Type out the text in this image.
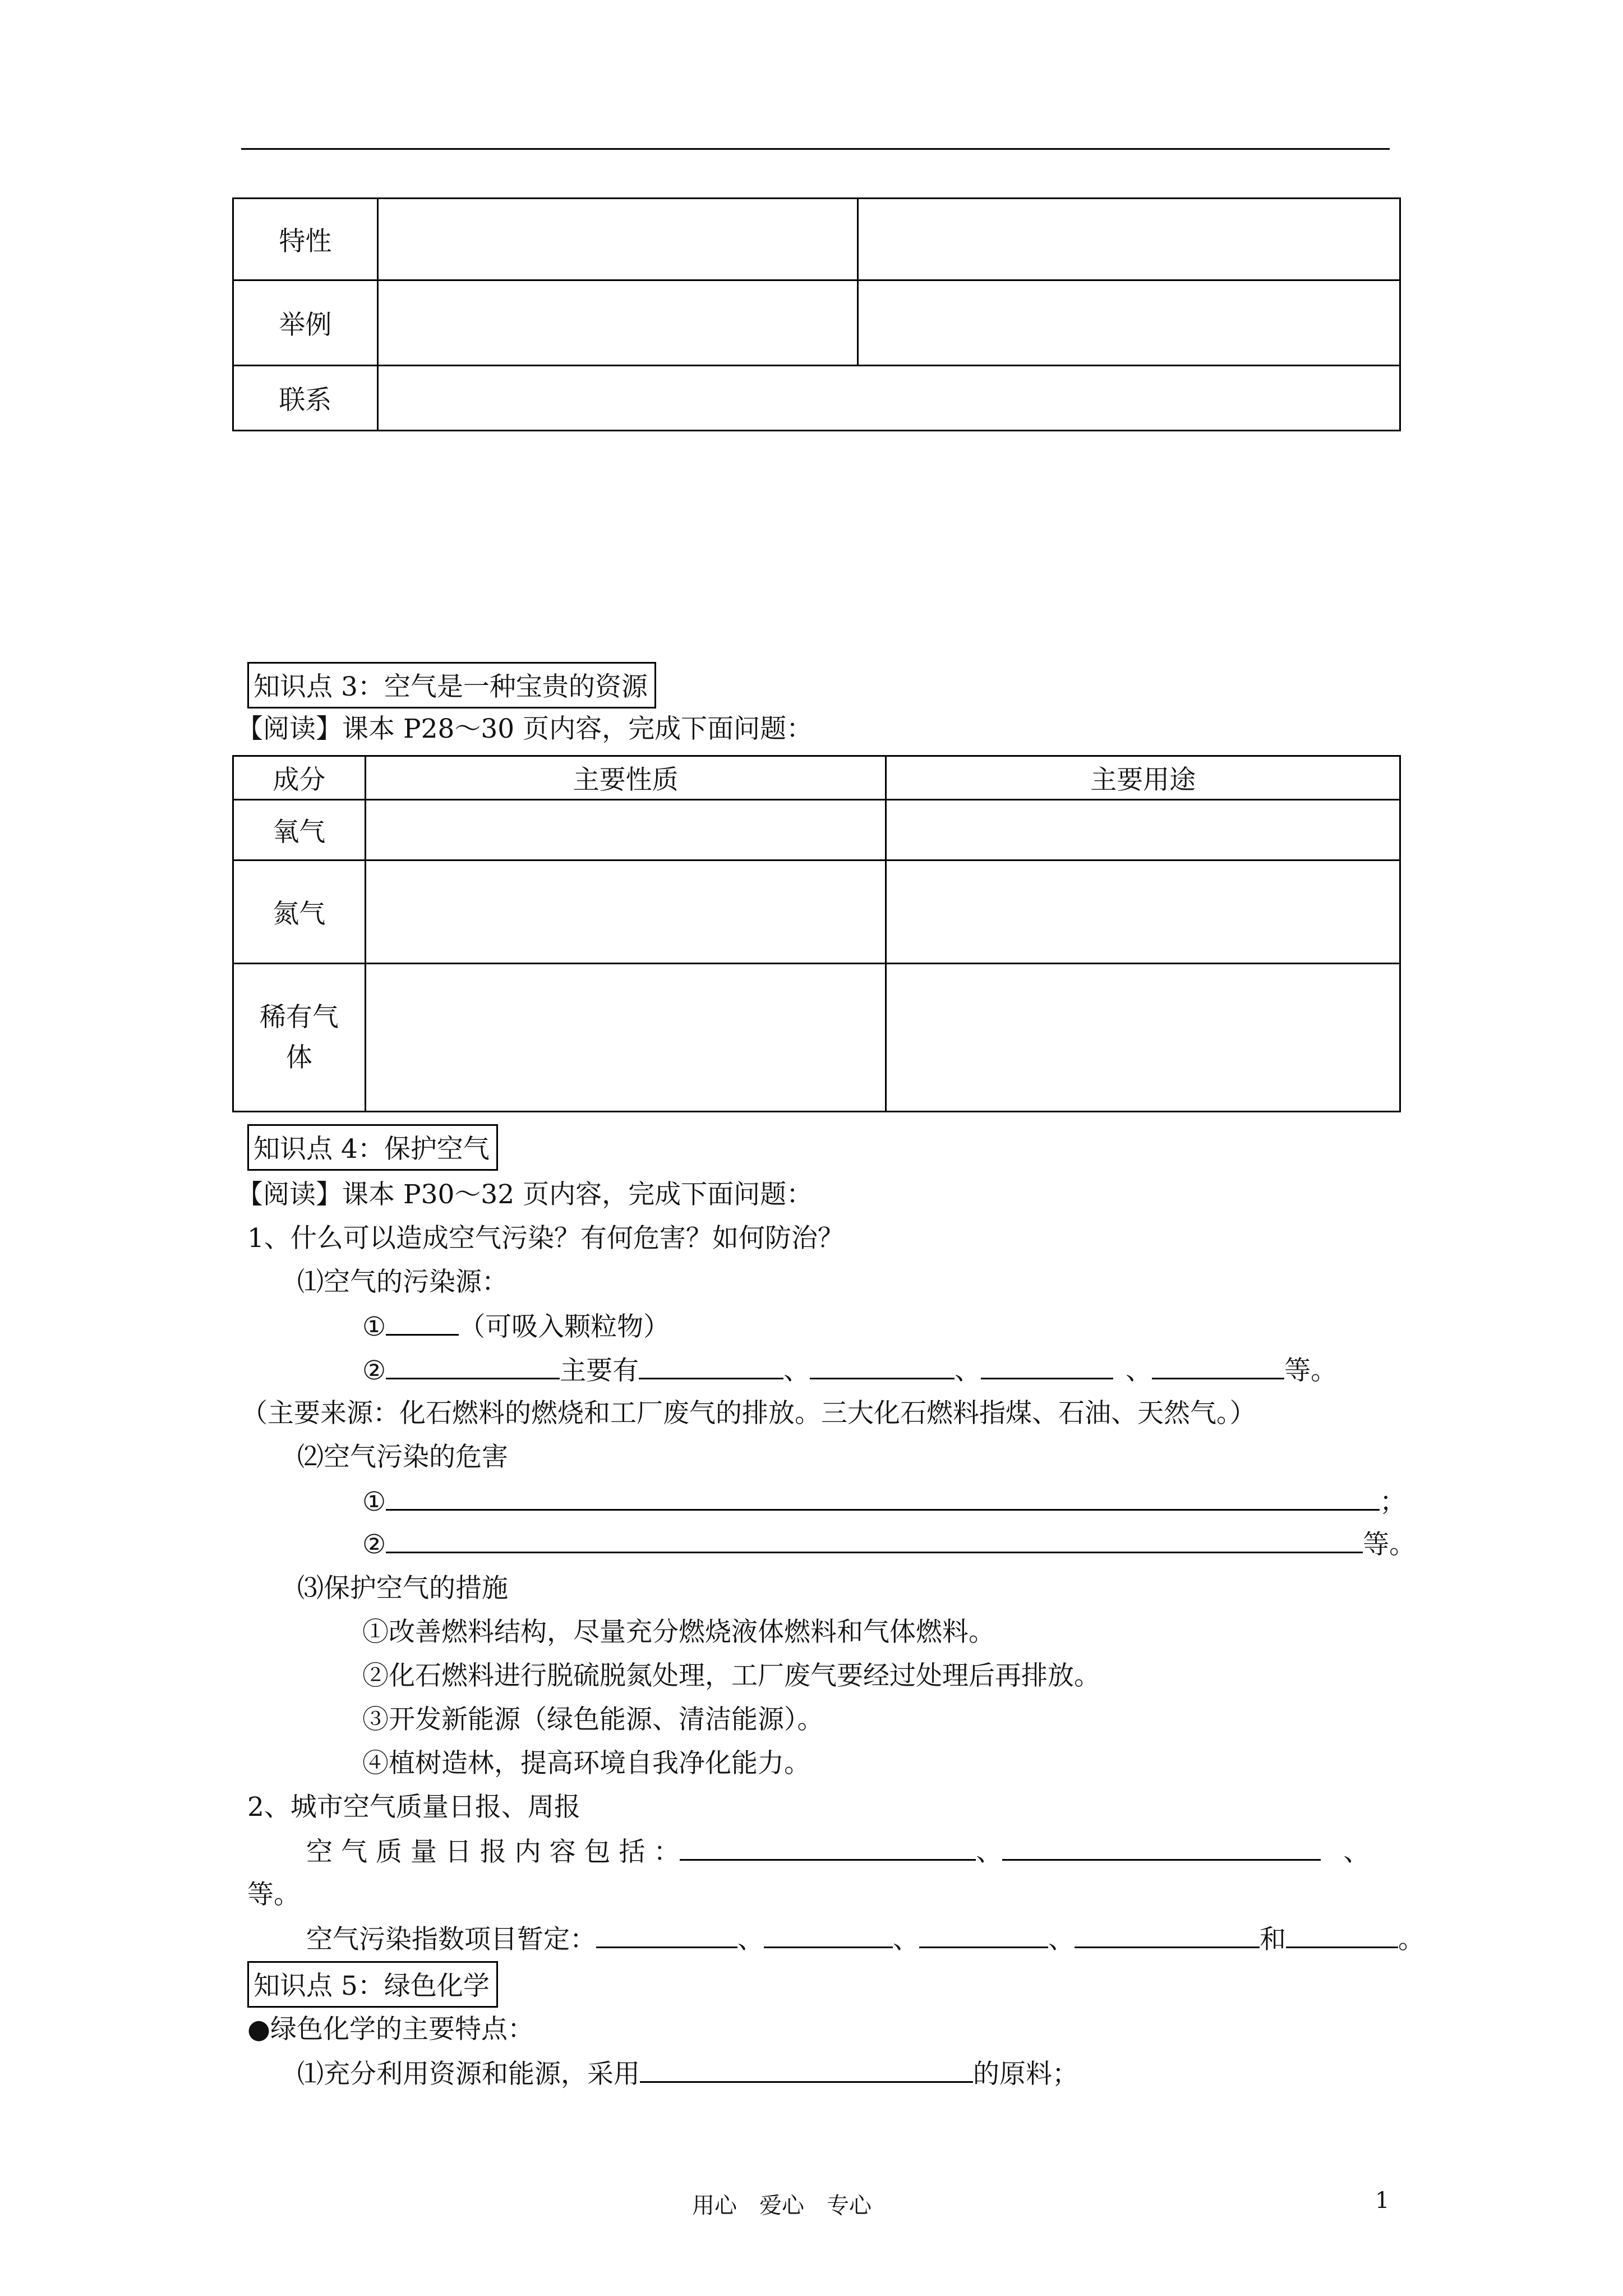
特性		
举例		
联系		
知识点 3：空气是一种宝贵的资源
【阅读】课本 P28～30 页内容，完成下面问题：
成分	主要性质	主要用途
氧气		
氮气		
稀有气体		
知识点 4：保护空气
【阅读】课本 P30～32 页内容，完成下面问题：
1、什么可以造成空气污染？有何危害？如何防治？
⑴空气的污染源：
①	（可吸入颗粒物）
②	主要有	、	、	、	等。
（主要来源：化石燃料的燃烧和工厂废气的排放。三大化石燃料指煤、石油、天然气。）
⑵空气污染的危害
①	；
②	等。
⑶保护空气的措施
①改善燃料结构，尽量充分燃烧液体燃料和气体燃料。
②化石燃料进行脱硫脱氮处理，工厂废气要经过处理后再排放。
③开发新能源（绿色能源、清洁能源）。
④植树造林，提高环境自我净化能力。
2、城市空气质量日报、周报
空 气 质 量 日 报 内 容 包 括 ：	、	、
等。
空气污染指数项目暂定：	、	、	、	和	。
知识点 5：绿色化学
●绿色化学的主要特点：
⑴充分利用资源和能源，采用	的原料；
用心　爱心　专心	1
